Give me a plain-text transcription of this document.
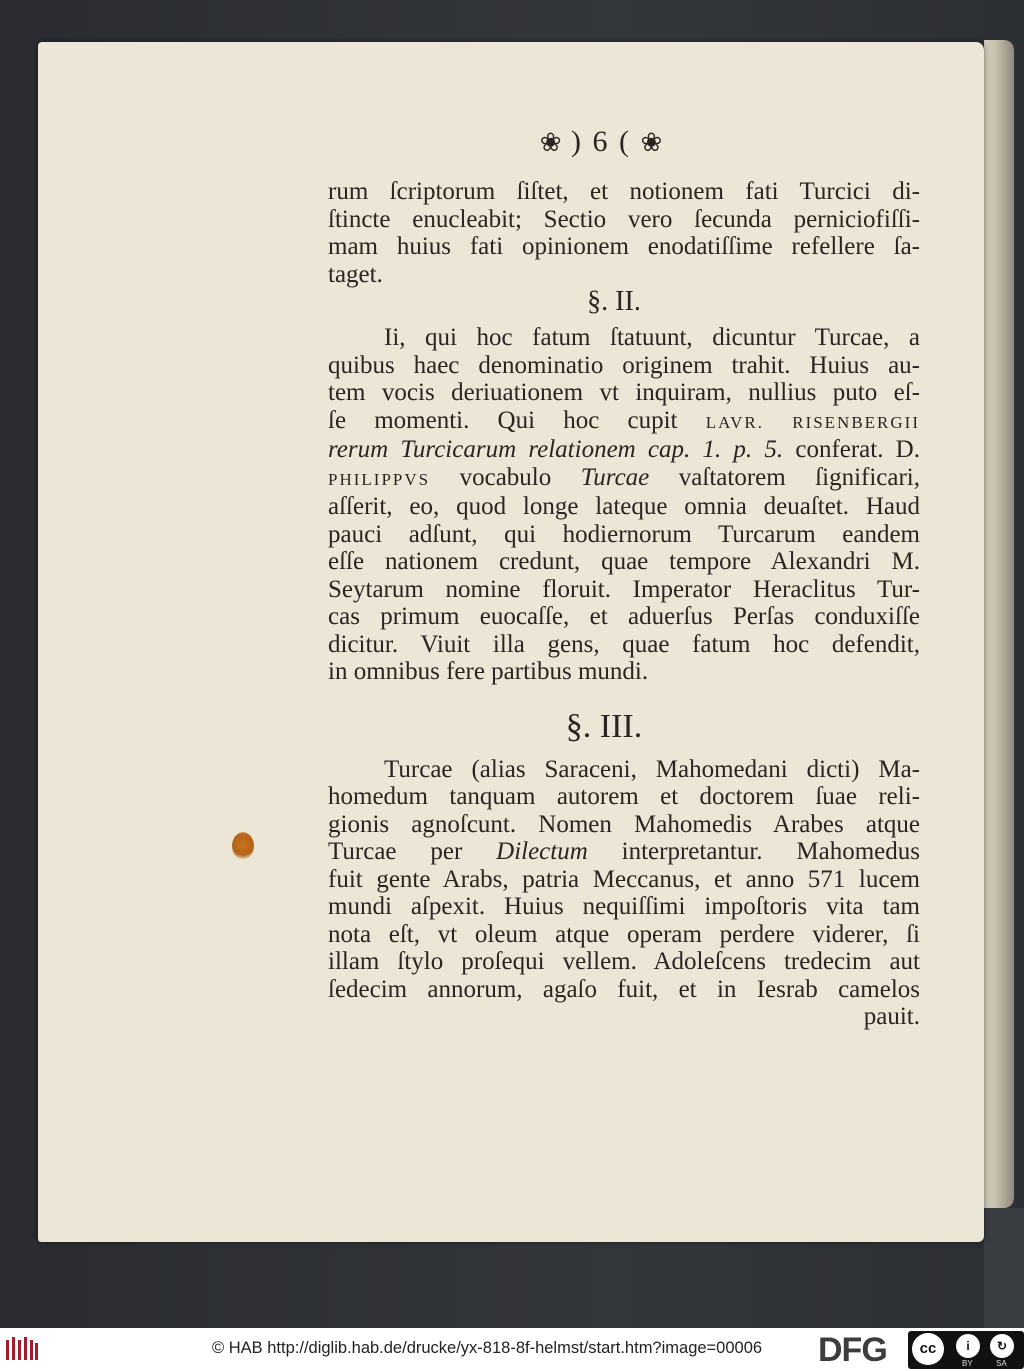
❀ ) 6 ( ❀
rum ſcriptorum ſiſtet, et notionem fati Turcici di-
ſtincte enucleabit; Sectio vero ſecunda perniciofiſſi-
mam huius fati opinionem enodatiſſime refellere ſa-
taget.
§. II.
Ii, qui hoc fatum ſtatuunt, dicuntur Turcae, a
quibus haec denominatio originem trahit. Huius au-
tem vocis deriuationem vt inquiram, nullius puto eſ-
ſe momenti. Qui hoc cupit LAVR. RISENBERGII
rerum Turcicarum relationem cap. 1. p. 5. conferat. D.
PHILIPPVS vocabulo Turcae vaſtatorem ſignificari,
aſſerit, eo, quod longe lateque omnia deuaſtet. Haud
pauci adſunt, qui hodiernorum Turcarum eandem
eſſe nationem credunt, quae tempore Alexandri M.
Seytarum nomine floruit. Imperator Heraclitus Tur-
cas primum euocaſſe, et aduerſus Perſas conduxiſſe
dicitur. Viuit illa gens, quae fatum hoc defendit,
in omnibus fere partibus mundi.
§. III.
Turcae (alias Saraceni, Mahomedani dicti) Ma-
homedum tanquam autorem et doctorem ſuae reli-
gionis agnoſcunt. Nomen Mahomedis Arabes atque
Turcae per Dilectum interpretantur. Mahomedus
fuit gente Arabs, patria Meccanus, et anno 571 lucem
mundi aſpexit. Huius nequiſſimi impoſtoris vita tam
nota eſt, vt oleum atque operam perdere viderer, ſi
illam ſtylo proſequi vellem. Adoleſcens tredecim aut
ſedecim annorum, agaſo fuit, et in Iesrab camelos
pauit.
© HAB http://diglib.hab.de/drucke/yx-818-8f-helmst/start.htm?image=00006 DFG	cc	i	↻
BY	SA
